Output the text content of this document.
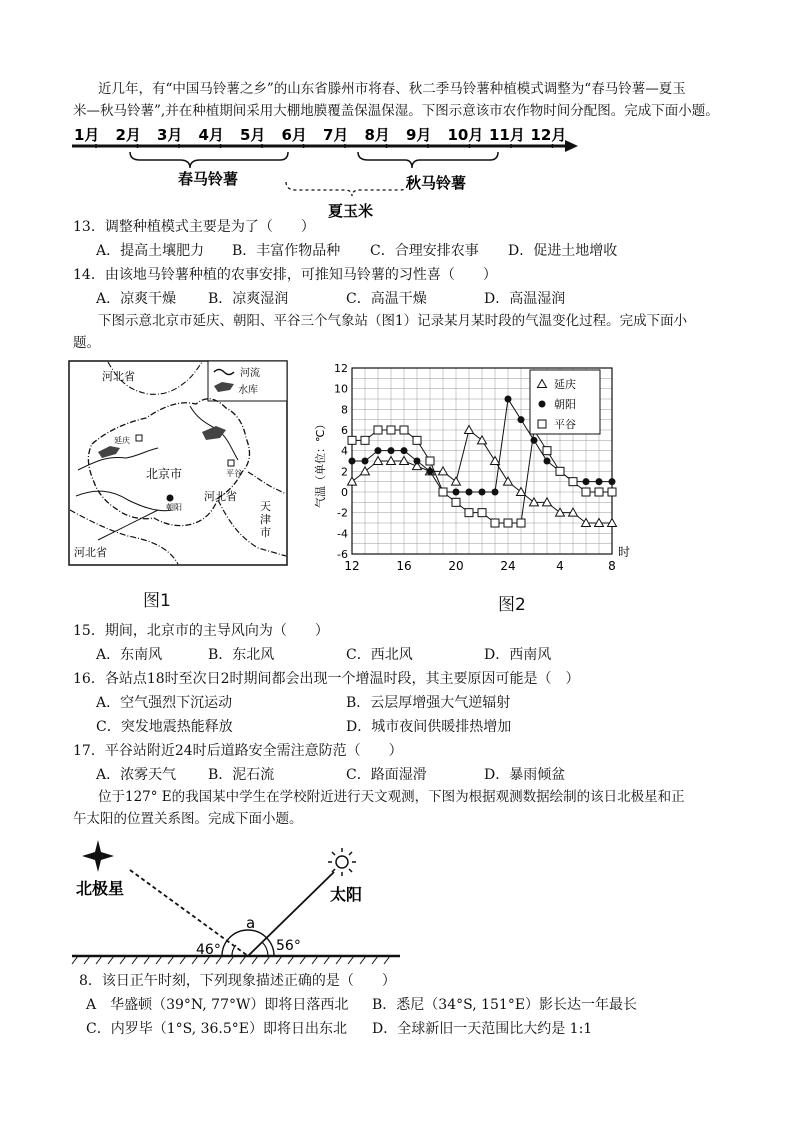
近几年，有“中国马铃薯之乡”的山东省滕州市将春、秋二季马铃薯种植模式调整为“春马铃薯—夏玉
米—秋马铃薯”,并在种植期间采用大棚地膜覆盖保温保湿。下图示意该市农作物时间分配图。完成下面小题。
1月 2月 3月 4月 5月 6月 7月 8月 9月 10月 11月 12月
春马铃薯	秋马铃薯
夏玉米
13．调整种植模式主要是为了（　　）
A．提高土壤肥力 B．丰富作物品种 C．合理安排农事 D．促进土地增收
14．由该地马铃薯种植的农事安排，可推知马铃薯的习性喜（　　）
A．凉爽干燥 B．凉爽湿润	C．高温干燥	D．高温湿润
下图示意北京市延庆、朝阳、平谷三个气象站（图1）记录某月某时段的气温变化过程。完成下面小
题。
河流
水库
河北省
河北省
河北省
北京市
天
津
市
延庆
平谷
朝阳
图1
12
10
8
6
4
2
0
-2
-4
-6
12	16	20	24	4	8
时
延庆
朝阳
平谷
气温（单位：℃）
图2
15．期间，北京市的主导风向为（　　）
A．东南风	B．东北风	C．西北风	D．西南风
16．各站点18时至次日2时期间都会出现一个增温时段，其主要原因可能是（　）
A．空气强烈下沉运动	B．云层厚增强大气逆辐射
C．突发地震热能释放	D．城市夜间供暖排热增加
17．平谷站附近24时后道路安全需注意防范（　　）
A．浓雾天气 B．泥石流	C．路面湿滑	D．暴雨倾盆
位于127° E的我国某中学生在学校附近进行天文观测，下图为根据观测数据绘制的该日北极星和正
午太阳的位置关系图。完成下面小题。
北极星	太阳
a
46°	56°
8．该日正午时刻，下列现象描述正确的是（　　）
A　华盛顿（39°N, 77°W）即将日落西北 B．悉尼（34°S, 151°E）影长达一年最长
C．内罗毕（1°S, 36.5°E）即将日出东北 D．全球新旧一天范围比大约是 1:1
